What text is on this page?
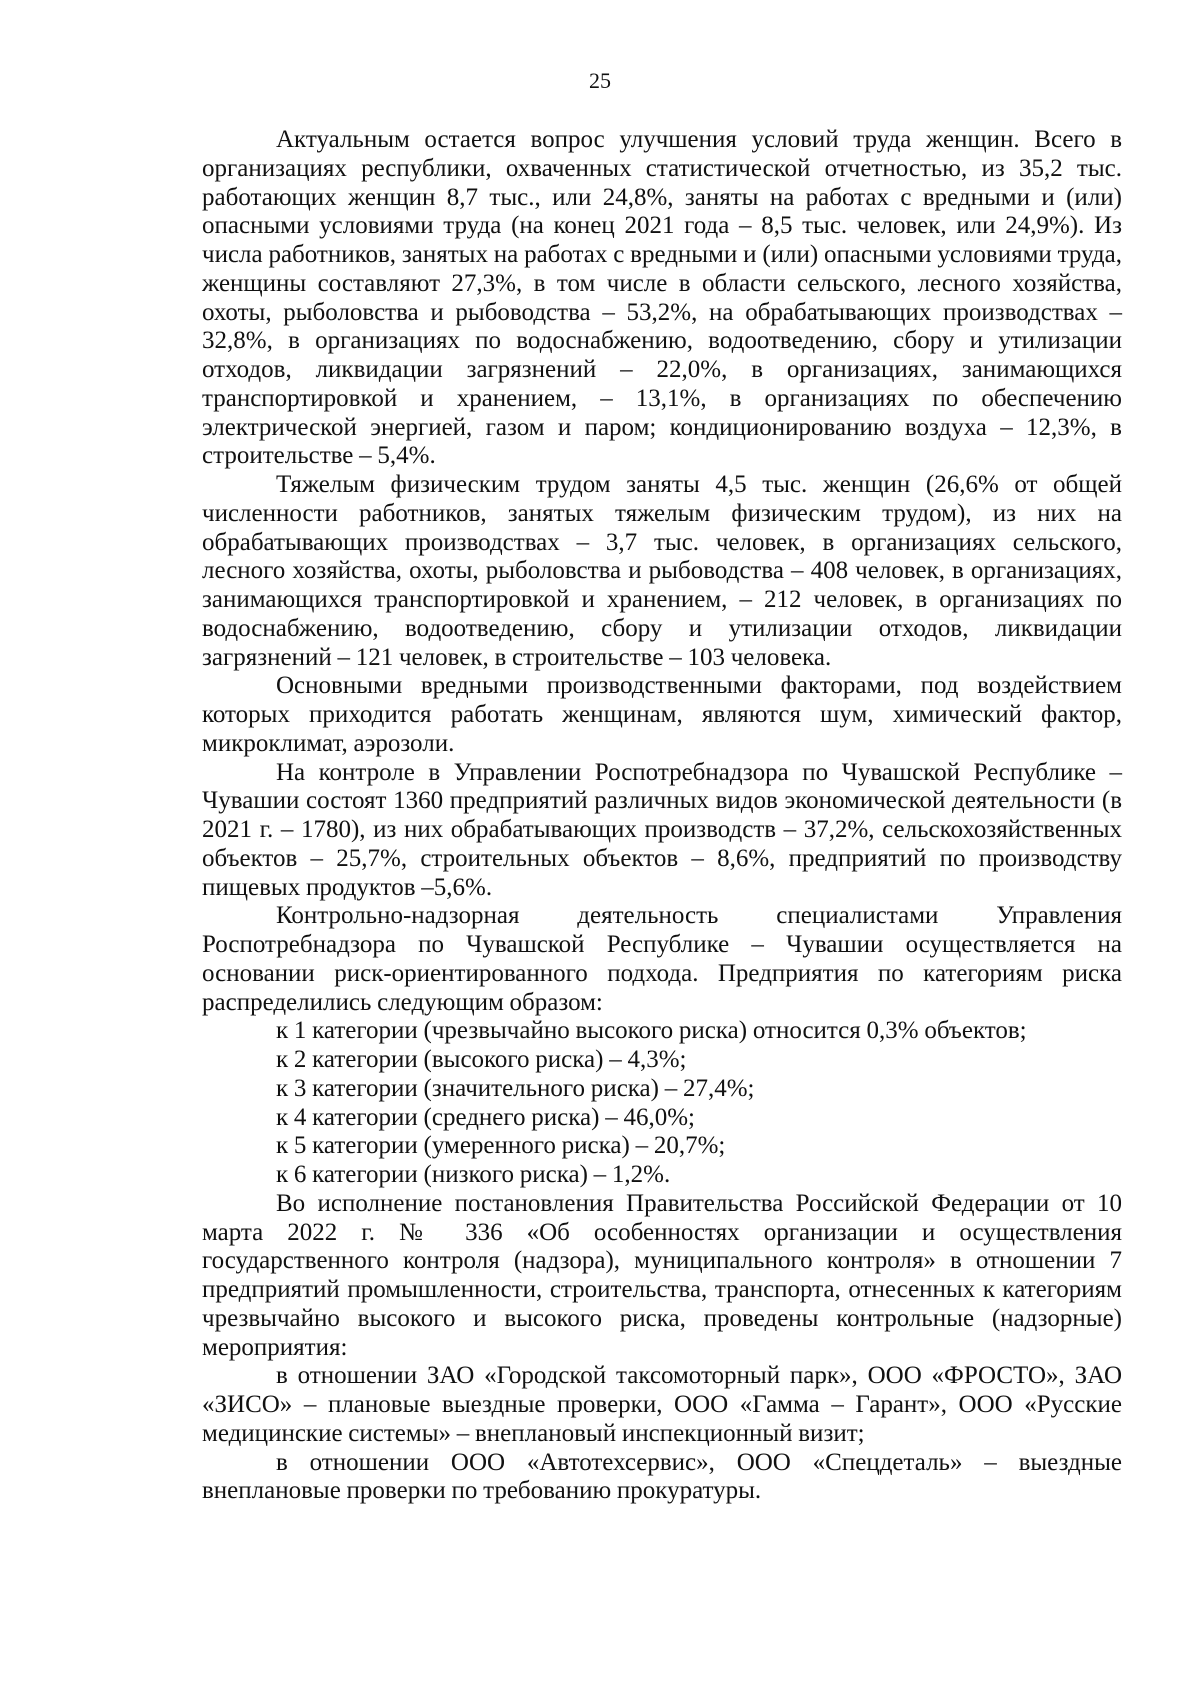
25

Актуальным остается вопрос улучшения условий труда женщин. Всего в организациях республики, охваченных статистической отчетностью, из 35,2 тыс. работающих женщин 8,7 тыс., или 24,8%, заняты на работах с вредными и (или) опасными условиями труда (на конец 2021 года – 8,5 тыс. человек, или 24,9%). Из числа работников, занятых на работах с вредными и (или) опасными условиями труда, женщины составляют 27,3%, в том числе в области сельского, лесного хозяйства, охоты, рыболовства и рыбоводства – 53,2%, на обрабатывающих производствах – 32,8%, в организациях по водоснабжению, водоотведению, сбору и утилизации отходов, ликвидации загрязнений – 22,0%, в организациях, занимающихся транспортировкой и хранением, – 13,1%, в организациях по обеспечению электрической энергией, газом и паром; кондиционированию воздуха – 12,3%, в строительстве – 5,4%.

Тяжелым физическим трудом заняты 4,5 тыс. женщин (26,6% от общей численности работников, занятых тяжелым физическим трудом), из них на обрабатывающих производствах – 3,7 тыс. человек, в организациях сельского, лесного хозяйства, охоты, рыболовства и рыбоводства – 408 человек, в организациях, занимающихся транспортировкой и хранением, – 212 человек, в организациях по водоснабжению, водоотведению, сбору и утилизации отходов, ликвидации загрязнений – 121 человек, в строительстве – 103 человека.

Основными вредными производственными факторами, под воздействием которых приходится работать женщинам, являются шум, химический фактор, микроклимат, аэрозоли.

На контроле в Управлении Роспотребнадзора по Чувашской Республике – Чувашии состоят 1360 предприятий различных видов экономической деятельности (в 2021 г. – 1780), из них обрабатывающих производств – 37,2%, сельскохозяйственных объектов – 25,7%, строительных объектов – 8,6%, предприятий по производству пищевых продуктов –5,6%.

Контрольно-надзорная деятельность специалистами Управления Роспотребнадзора по Чувашской Республике – Чувашии осуществляется на основании риск-ориентированного подхода. Предприятия по категориям риска распределились следующим образом:

к 1 категории (чрезвычайно высокого риска) относится 0,3% объектов;

к 2 категории (высокого риска) – 4,3%;

к 3 категории (значительного риска) – 27,4%;

к 4 категории (среднего риска) – 46,0%;

к 5 категории (умеренного риска) – 20,7%;

к 6 категории (низкого риска) – 1,2%.

Во исполнение постановления Правительства Российской Федерации от 10 марта 2022 г. № 336 «Об особенностях организации и осуществления государственного контроля (надзора), муниципального контроля» в отношении 7 предприятий промышленности, строительства, транспорта, отнесенных к категориям чрезвычайно высокого и высокого риска, проведены контрольные (надзорные) мероприятия:

в отношении ЗАО «Городской таксомоторный парк», ООО «ФРОСТО», ЗАО «ЗИСО» – плановые выездные проверки, ООО «Гамма – Гарант», ООО «Русские медицинские системы» – внеплановый инспекционный визит;

в отношении ООО «Автотехсервис», ООО «Спецдеталь» – выездные внеплановые проверки по требованию прокуратуры.
